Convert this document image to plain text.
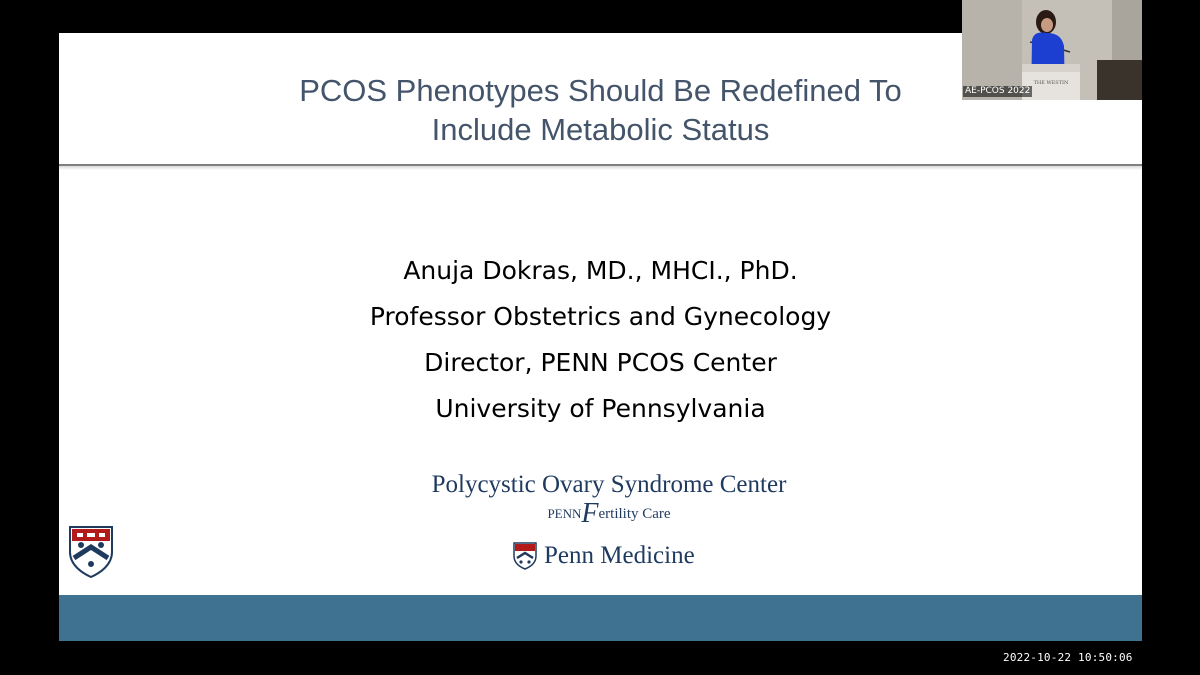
PCOS Phenotypes Should Be Redefined To
Include Metabolic Status
Anuja Dokras, MD., MHCI., PhD.
Professor Obstetrics and Gynecology
Director, PENN PCOS Center
University of Pennsylvania
Polycystic Ovary Syndrome Center
PENNFertility Care
Penn Medicine
THE WESTIN
AE-PCOS 2022
2022-10-22 10:50:06
